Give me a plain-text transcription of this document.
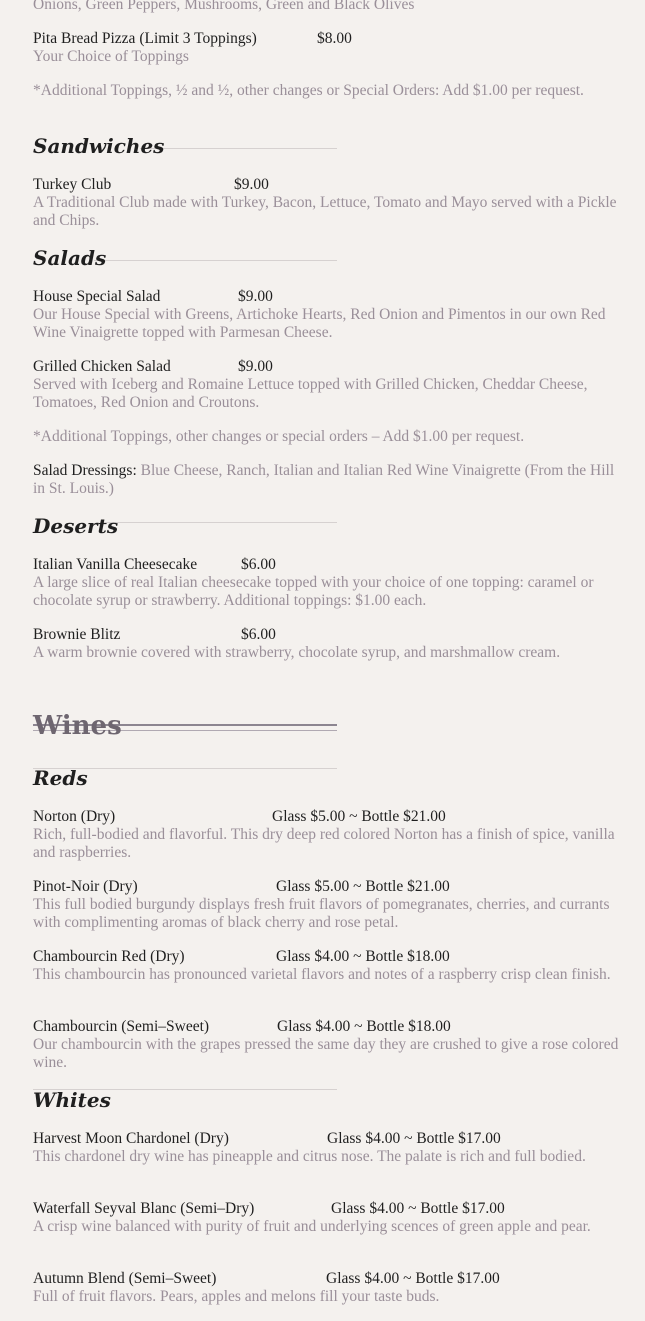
Onions, Green Peppers, Mushrooms, Green and Black Olives
Pita Bread Pizza (Limit 3 Toppings)	$8.00
Your Choice of Toppings
*Additional Toppings, ½ and ½, other changes or Special Orders: Add $1.00 per request.
Sandwiches
Turkey Club	$9.00
A Traditional Club made with Turkey, Bacon, Lettuce, Tomato and Mayo served with a Pickle and Chips.
Salads
House Special Salad	$9.00
Our House Special with Greens, Artichoke Hearts, Red Onion and Pimentos in our own Red Wine Vinaigrette topped with Parmesan Cheese.
Grilled Chicken Salad	$9.00
Served with Iceberg and Romaine Lettuce topped with Grilled Chicken, Cheddar Cheese, Tomatoes, Red Onion and Croutons.
*Additional Toppings, other changes or special orders – Add $1.00 per request.
Salad Dressings: Blue Cheese, Ranch, Italian and Italian Red Wine Vinaigrette (From the Hill in St. Louis.)
Deserts
Italian Vanilla Cheesecake	$6.00
A large slice of real Italian cheesecake topped with your choice of one topping: caramel or chocolate syrup or strawberry. Additional toppings: $1.00 each.
Brownie Blitz	$6.00
A warm brownie covered with strawberry, chocolate syrup, and marshmallow cream.
Wines
Reds
Norton (Dry)	Glass $5.00 ~ Bottle $21.00
Rich, full-bodied and flavorful. This dry deep red colored Norton has a finish of spice, vanilla and raspberries.
Pinot-Noir (Dry)	Glass $5.00 ~ Bottle $21.00
This full bodied burgundy displays fresh fruit flavors of pomegranates, cherries, and currants with complimenting aromas of black cherry and rose petal.
Chambourcin Red (Dry)	Glass $4.00 ~ Bottle $18.00
This chambourcin has pronounced varietal flavors and notes of a raspberry crisp clean finish.
Chambourcin (Semi–Sweet)	Glass $4.00 ~ Bottle $18.00
Our chambourcin with the grapes pressed the same day they are crushed to give a rose colored wine.
Whites
Harvest Moon Chardonel (Dry)	Glass $4.00 ~ Bottle $17.00
This chardonel dry wine has pineapple and citrus nose. The palate is rich and full bodied.
Waterfall Seyval Blanc (Semi–Dry)	Glass $4.00 ~ Bottle $17.00
A crisp wine balanced with purity of fruit and underlying scences of green apple and pear.
Autumn Blend (Semi–Sweet)	Glass $4.00 ~ Bottle $17.00
Full of fruit flavors. Pears, apples and melons fill your taste buds.
